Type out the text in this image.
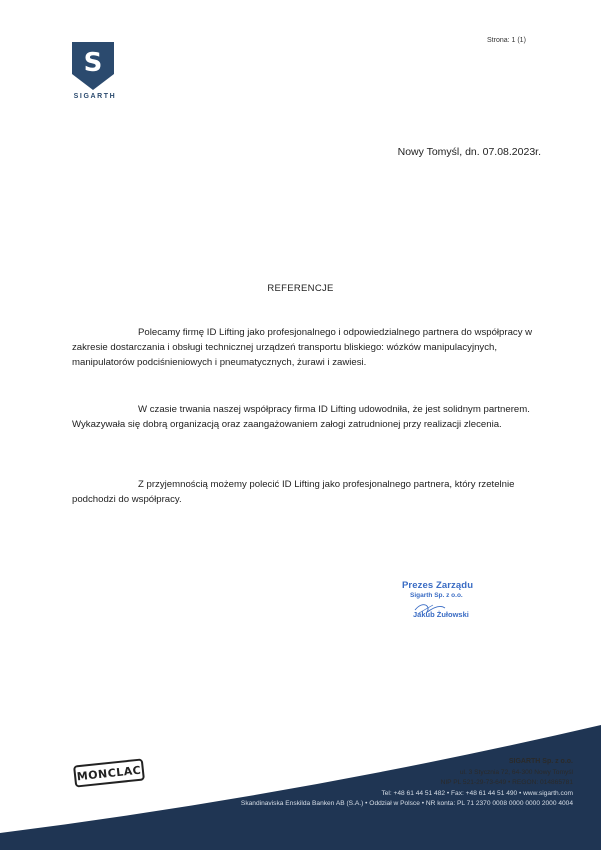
S
SIGARTH
Strona: 1 (1)
Nowy Tomyśl, dn. 07.08.2023r.
REFERENCJE
Polecamy firmę ID Lifting jako profesjonalnego i odpowiedzialnego partnera do współpracy w zakresie dostarczania i obsługi technicznej urządzeń transportu bliskiego: wózków manipulacyjnych, manipulatorów podciśnieniowych i pneumatycznych, żurawi i zawiesi.
W czasie trwania naszej współpracy firma ID Lifting udowodniła, że jest solidnym partnerem. Wykazywała się dobrą organizacją oraz zaangażowaniem załogi zatrudnionej przy realizacji zlecenia.
Z przyjemnością możemy polecić ID Lifting jako profesjonalnego partnera, który rzetelnie podchodzi do współpracy.
Prezes Zarządu
Sigarth Sp. z o.o.
Jakub Żułowski
MONCLAC
SIGARTH Sp. z o.o.
ul. 3 Stycznia 72, 64-300 Nowy Tomyśl
NIP PL 521-29-73-649 • REGON: 014865781
Tel: +48 61 44 51 482 • Fax: +48 61 44 51 490 • www.sigarth.com
Skandinaviska Enskilda Banken AB (S.A.) • Oddział w Polsce • NR konta: PL 71 2370 0008 0000 0000 2000 4004
